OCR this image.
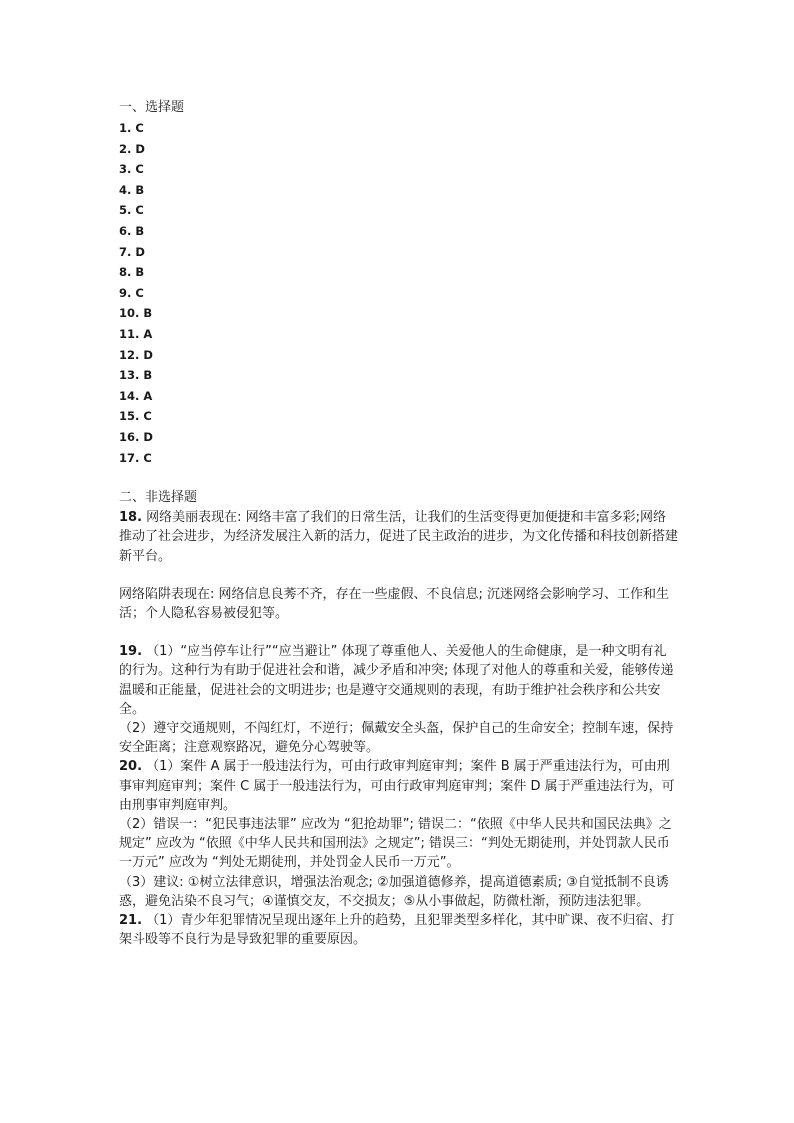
一、选择题
1. C
2. D
3. C
4. B
5. C
6. B
7. D
8. B
9. C
10. B
11. A
12. D
13. B
14. A
15. C
16. D
17. C
二、非选择题

18. 网络美丽表现在: 网络丰富了我们的日常生活，让我们的生活变得更加便捷和丰富多彩;网络推动了社会进步，为经济发展注入新的活力，促进了民主政治的进步，为文化传播和科技创新搭建新平台。

网络陷阱表现在: 网络信息良莠不齐，存在一些虚假、不良信息; 沉迷网络会影响学习、工作和生活；个人隐私容易被侵犯等。

19. （1）“应当停车让行”“应当避让” 体现了尊重他人、关爱他人的生命健康，是一种文明有礼的行为。这种行为有助于促进社会和谐，减少矛盾和冲突; 体现了对他人的尊重和关爱，能够传递温暖和正能量，促进社会的文明进步; 也是遵守交通规则的表现，有助于维护社会秩序和公共安全。

（2）遵守交通规则，不闯红灯，不逆行；佩戴安全头盔，保护自己的生命安全；控制车速，保持安全距离；注意观察路况，避免分心驾驶等。

20. （1）案件 A 属于一般违法行为，可由行政审判庭审判；案件 B 属于严重违法行为，可由刑事审判庭审判；案件 C 属于一般违法行为，可由行政审判庭审判；案件 D 属于严重违法行为，可由刑事审判庭审判。

（2）错误一：“犯民事违法罪” 应改为 “犯抢劫罪”; 错误二：“依照《中华人民共和国民法典》之规定” 应改为 “依照《中华人民共和国刑法》之规定”; 错误三：“判处无期徒刑，并处罚款人民币一万元” 应改为 “判处无期徒刑，并处罚金人民币一万元”。

（3）建议: ①树立法律意识，增强法治观念; ②加强道德修养，提高道德素质; ③自觉抵制不良诱惑，避免沾染不良习气；④谨慎交友，不交损友；⑤从小事做起，防微杜渐，预防违法犯罪。

21. （1）青少年犯罪情况呈现出逐年上升的趋势，且犯罪类型多样化，其中旷课、夜不归宿、打架斗殴等不良行为是导致犯罪的重要原因。
